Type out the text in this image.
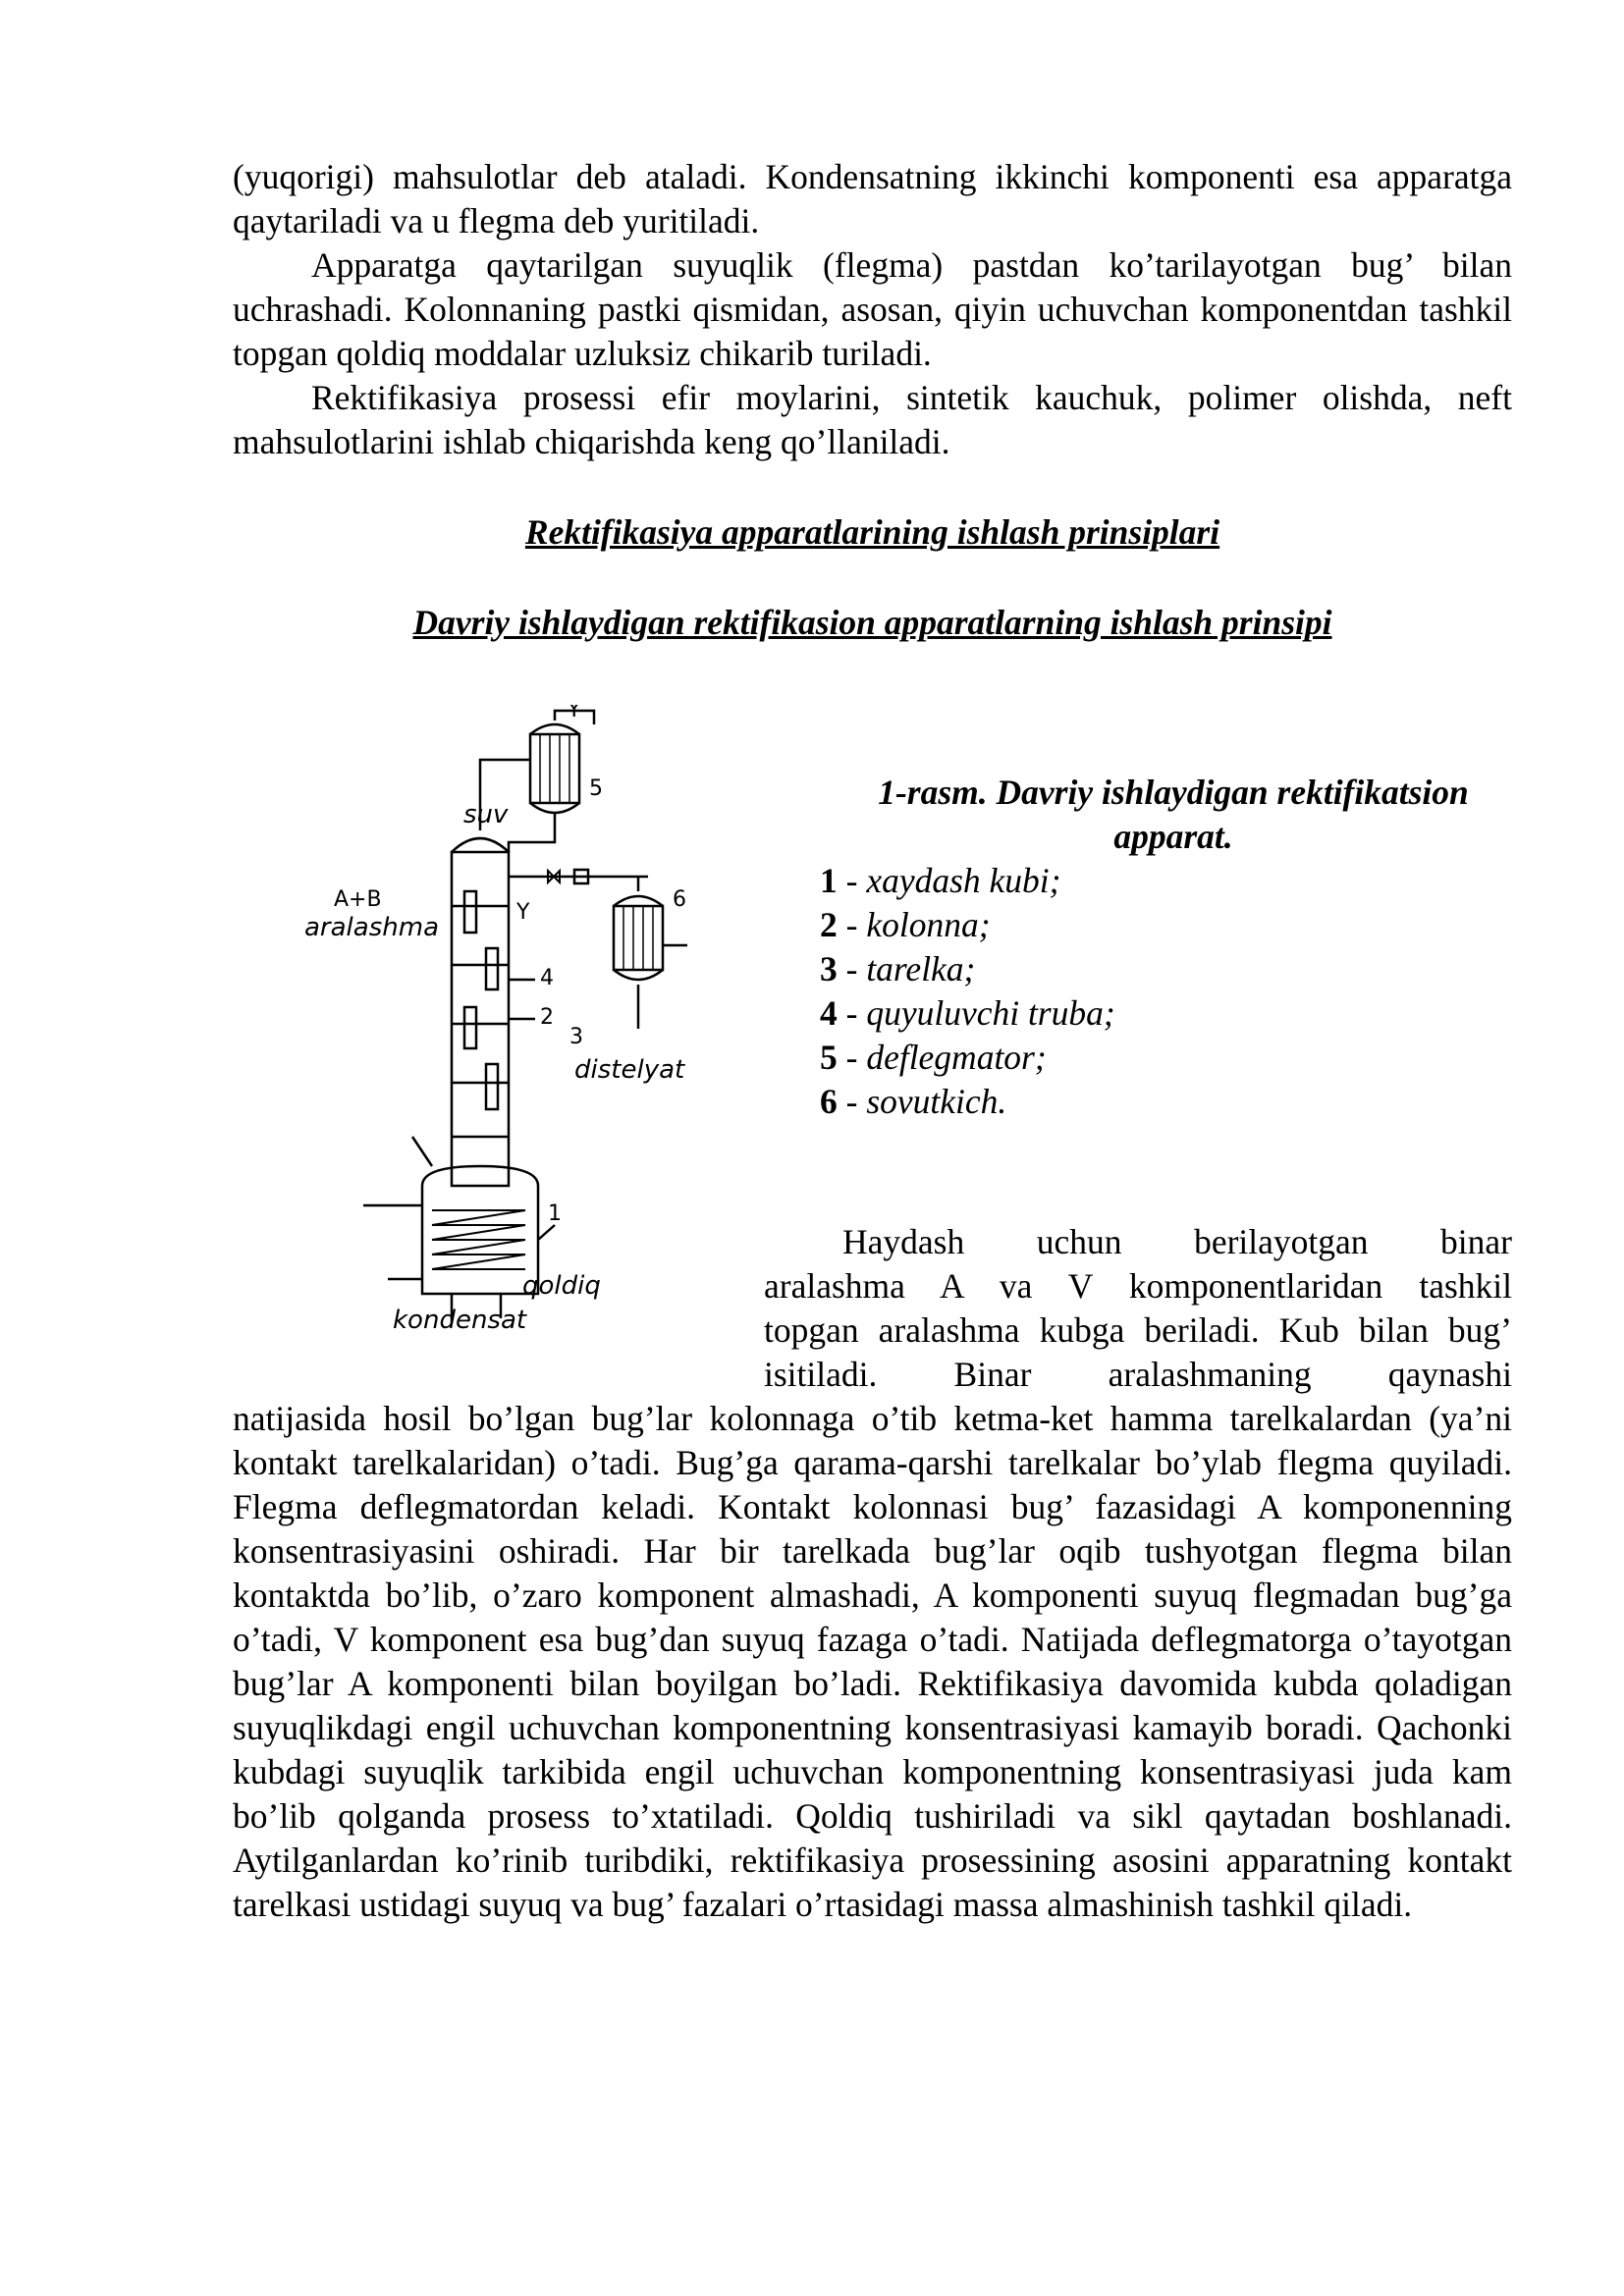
(yuqorigi) mahsulotlar deb ataladi. Kondensatning ikkinchi komponenti esa apparatga qaytariladi va u flegma deb yuritiladi.

Apparatga qaytarilgan suyuqlik (flegma) pastdan ko’tarilayotgan bug’ bilan uchrashadi. Kolonnaning pastki qismidan, asosan, qiyin uchuvchan komponentdan tashkil topgan qoldiq moddalar uzluksiz chikarib turiladi.

Rektifikasiya prosessi efir moylarini, sintetik kauchuk, polimer olishda, neft mahsulotlarini ishlab chiqarishda keng qo’llaniladi.

Rektifikasiya apparatlarining ishlash prinsiplari

Davriy ishlaydigan rektifikasion apparatlarning ishlash prinsipi

Y
5
suv
Y
6
A+B
aralashma
4
2
3
distelyat
1
qoldiq
kondensat
1-rasm. Davriy ishlaydigan rektifikatsion apparat.
1 - xaydash kubi;
2 - kolonna;
3 - tarelka;
4 - quyuluvchi truba;
5 - deflegmator;
6 - sovutkich.

Haydash uchun berilayotgan binar

aralashma A va V komponentlaridan tashkil

topgan aralashma kubga beriladi. Kub bilan bug’

isitiladi. Binar aralashmaning qaynashi

natijasida hosil bo’lgan bug’lar kolonnaga o’tib ketma-ket hamma tarelkalardan (ya’ni kontakt tarelkalaridan) o’tadi. Bug’ga qarama-qarshi tarelkalar bo’ylab flegma quyiladi. Flegma deflegmatordan keladi. Kontakt kolonnasi bug’ fazasidagi A komponenning konsentrasiyasini oshiradi. Har bir tarelkada bug’lar oqib tushyotgan flegma bilan kontaktda bo’lib, o’zaro komponent almashadi, A komponenti suyuq flegmadan bug’ga o’tadi, V komponent esa bug’dan suyuq fazaga o’tadi. Natijada deflegmatorga o’tayotgan bug’lar A komponenti bilan boyilgan bo’ladi. Rektifikasiya davomida kubda qoladigan suyuqlikdagi engil uchuvchan komponentning konsentrasiyasi kamayib boradi. Qachonki kubdagi suyuqlik tarkibida engil uchuvchan komponentning konsentrasiyasi juda kam bo’lib qolganda prosess to’xtatiladi. Qoldiq tushiriladi va sikl qaytadan boshlanadi. Aytilganlardan ko’rinib turibdiki, rektifikasiya prosessining asosini apparatning kontakt tarelkasi ustidagi suyuq va bug’ fazalari o’rtasidagi massa almashinish tashkil qiladi.
